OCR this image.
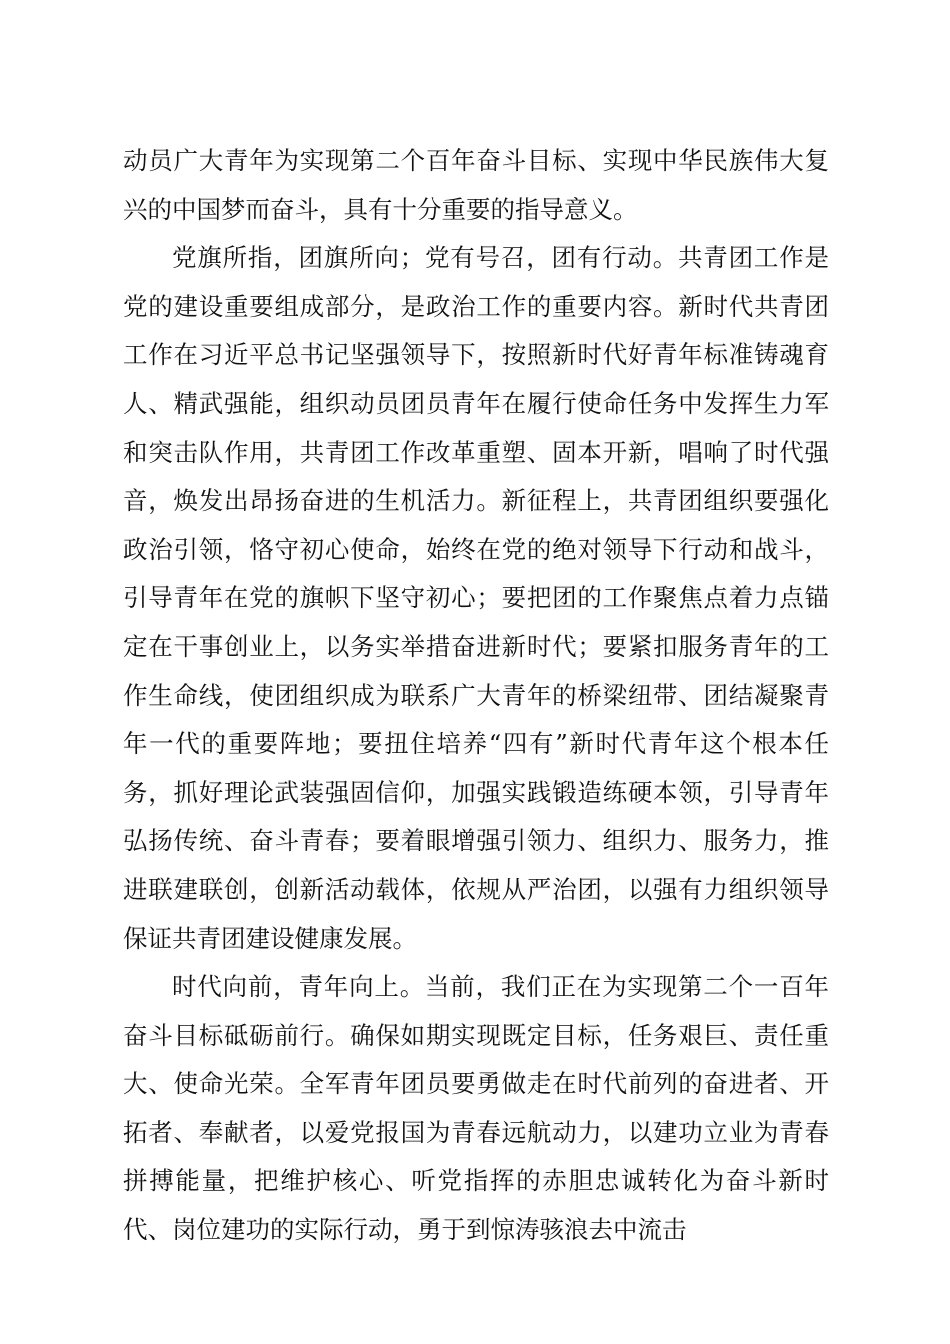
动员广大青年为实现第二个百年奋斗目标、实现中华民族伟大复兴的中国梦而奋斗，具有十分重要的指导意义。

党旗所指，团旗所向；党有号召，团有行动。共青团工作是党的建设重要组成部分，是政治工作的重要内容。新时代共青团工作在习近平总书记坚强领导下，按照新时代好青年标准铸魂育人、精武强能，组织动员团员青年在履行使命任务中发挥生力军和突击队作用，共青团工作改革重塑、固本开新，唱响了时代强音，焕发出昂扬奋进的生机活力。新征程上，共青团组织要强化政治引领，恪守初心使命，始终在党的绝对领导下行动和战斗，引导青年在党的旗帜下坚守初心；要把团的工作聚焦点着力点锚定在干事创业上，以务实举措奋进新时代；要紧扣服务青年的工作生命线，使团组织成为联系广大青年的桥梁纽带、团结凝聚青年一代的重要阵地；要扭住培养“四有”新时代青年这个根本任务，抓好理论武装强固信仰，加强实践锻造练硬本领，引导青年弘扬传统、奋斗青春；要着眼增强引领力、组织力、服务力，推进联建联创，创新活动载体，依规从严治团，以强有力组织领导保证共青团建设健康发展。

时代向前，青年向上。当前，我们正在为实现第二个一百年奋斗目标砥砺前行。确保如期实现既定目标，任务艰巨、责任重大、使命光荣。全军青年团员要勇做走在时代前列的奋进者、开拓者、奉献者，以爱党报国为青春远航动力，以建功立业为青春拼搏能量，把维护核心、听党指挥的赤胆忠诚转化为奋斗新时代、岗位建功的实际行动，勇于到惊涛骇浪去中流击
